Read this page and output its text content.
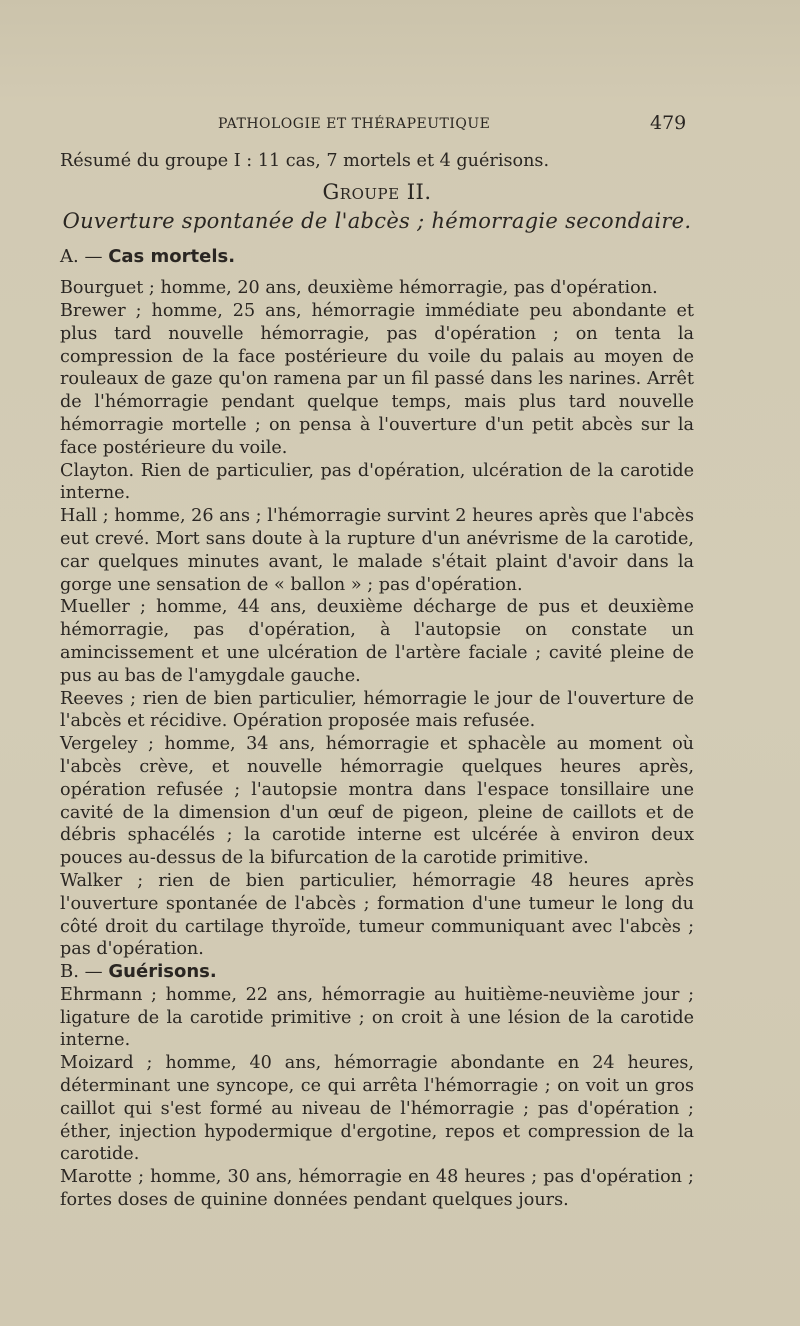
PATHOLOGIE ET THÉRAPEUTIQUE	479

Résumé du groupe I : 11 cas, 7 mortels et 4 guérisons.

Groupe II.
Ouverture spontanée de l'abcès ; hémorragie secondaire.
A. — Cas mortels.

Bourguet ; homme, 20 ans, deuxième hémorragie, pas d'opération.

Brewer ; homme, 25 ans, hémorragie immédiate peu abondante et plus tard nouvelle hémorragie, pas d'opération ; on tenta la compression de la face postérieure du voile du palais au moyen de rouleaux de gaze qu'on ramena par un fil passé dans les narines. Arrêt de l'hémorragie pendant quelque temps, mais plus tard nouvelle hémorragie mortelle ; on pensa à l'ouverture d'un petit abcès sur la face postérieure du voile.

Clayton. Rien de particulier, pas d'opération, ulcération de la carotide interne.

Hall ; homme, 26 ans ; l'hémorragie survint 2 heures après que l'abcès eut crevé. Mort sans doute à la rupture d'un anévrisme de la carotide, car quelques minutes avant, le malade s'était plaint d'avoir dans la gorge une sensation de « ballon » ; pas d'opération.

Mueller ; homme, 44 ans, deuxième décharge de pus et deuxième hémorragie, pas d'opération, à l'autopsie on constate un amincissement et une ulcération de l'artère faciale ; cavité pleine de pus au bas de l'amygdale gauche.

Reeves ; rien de bien particulier, hémorragie le jour de l'ouverture de l'abcès et récidive. Opération proposée mais refusée.

Vergeley ; homme, 34 ans, hémorragie et sphacèle au moment où l'abcès crève, et nouvelle hémorragie quelques heures après, opération refusée ; l'autopsie montra dans l'espace tonsillaire une cavité de la dimension d'un œuf de pigeon, pleine de caillots et de débris sphacélés ; la carotide interne est ulcérée à environ deux pouces au-dessus de la bifurcation de la carotide primitive.

Walker ; rien de bien particulier, hémorragie 48 heures après l'ouverture spontanée de l'abcès ; formation d'une tumeur le long du côté droit du cartilage thyroïde, tumeur communiquant avec l'abcès ; pas d'opération.

B. — Guérisons.

Ehrmann ; homme, 22 ans, hémorragie au huitième-neuvième jour ; ligature de la carotide primitive ; on croit à une lésion de la carotide interne.

Moizard ; homme, 40 ans, hémorragie abondante en 24 heures, déterminant une syncope, ce qui arrêta l'hémorragie ; on voit un gros caillot qui s'est formé au niveau de l'hémorragie ; pas d'opération ; éther, injection hypodermique d'ergotine, repos et compression de la carotide.

Marotte ; homme, 30 ans, hémorragie en 48 heures ; pas d'opération ; fortes doses de quinine données pendant quelques jours.
